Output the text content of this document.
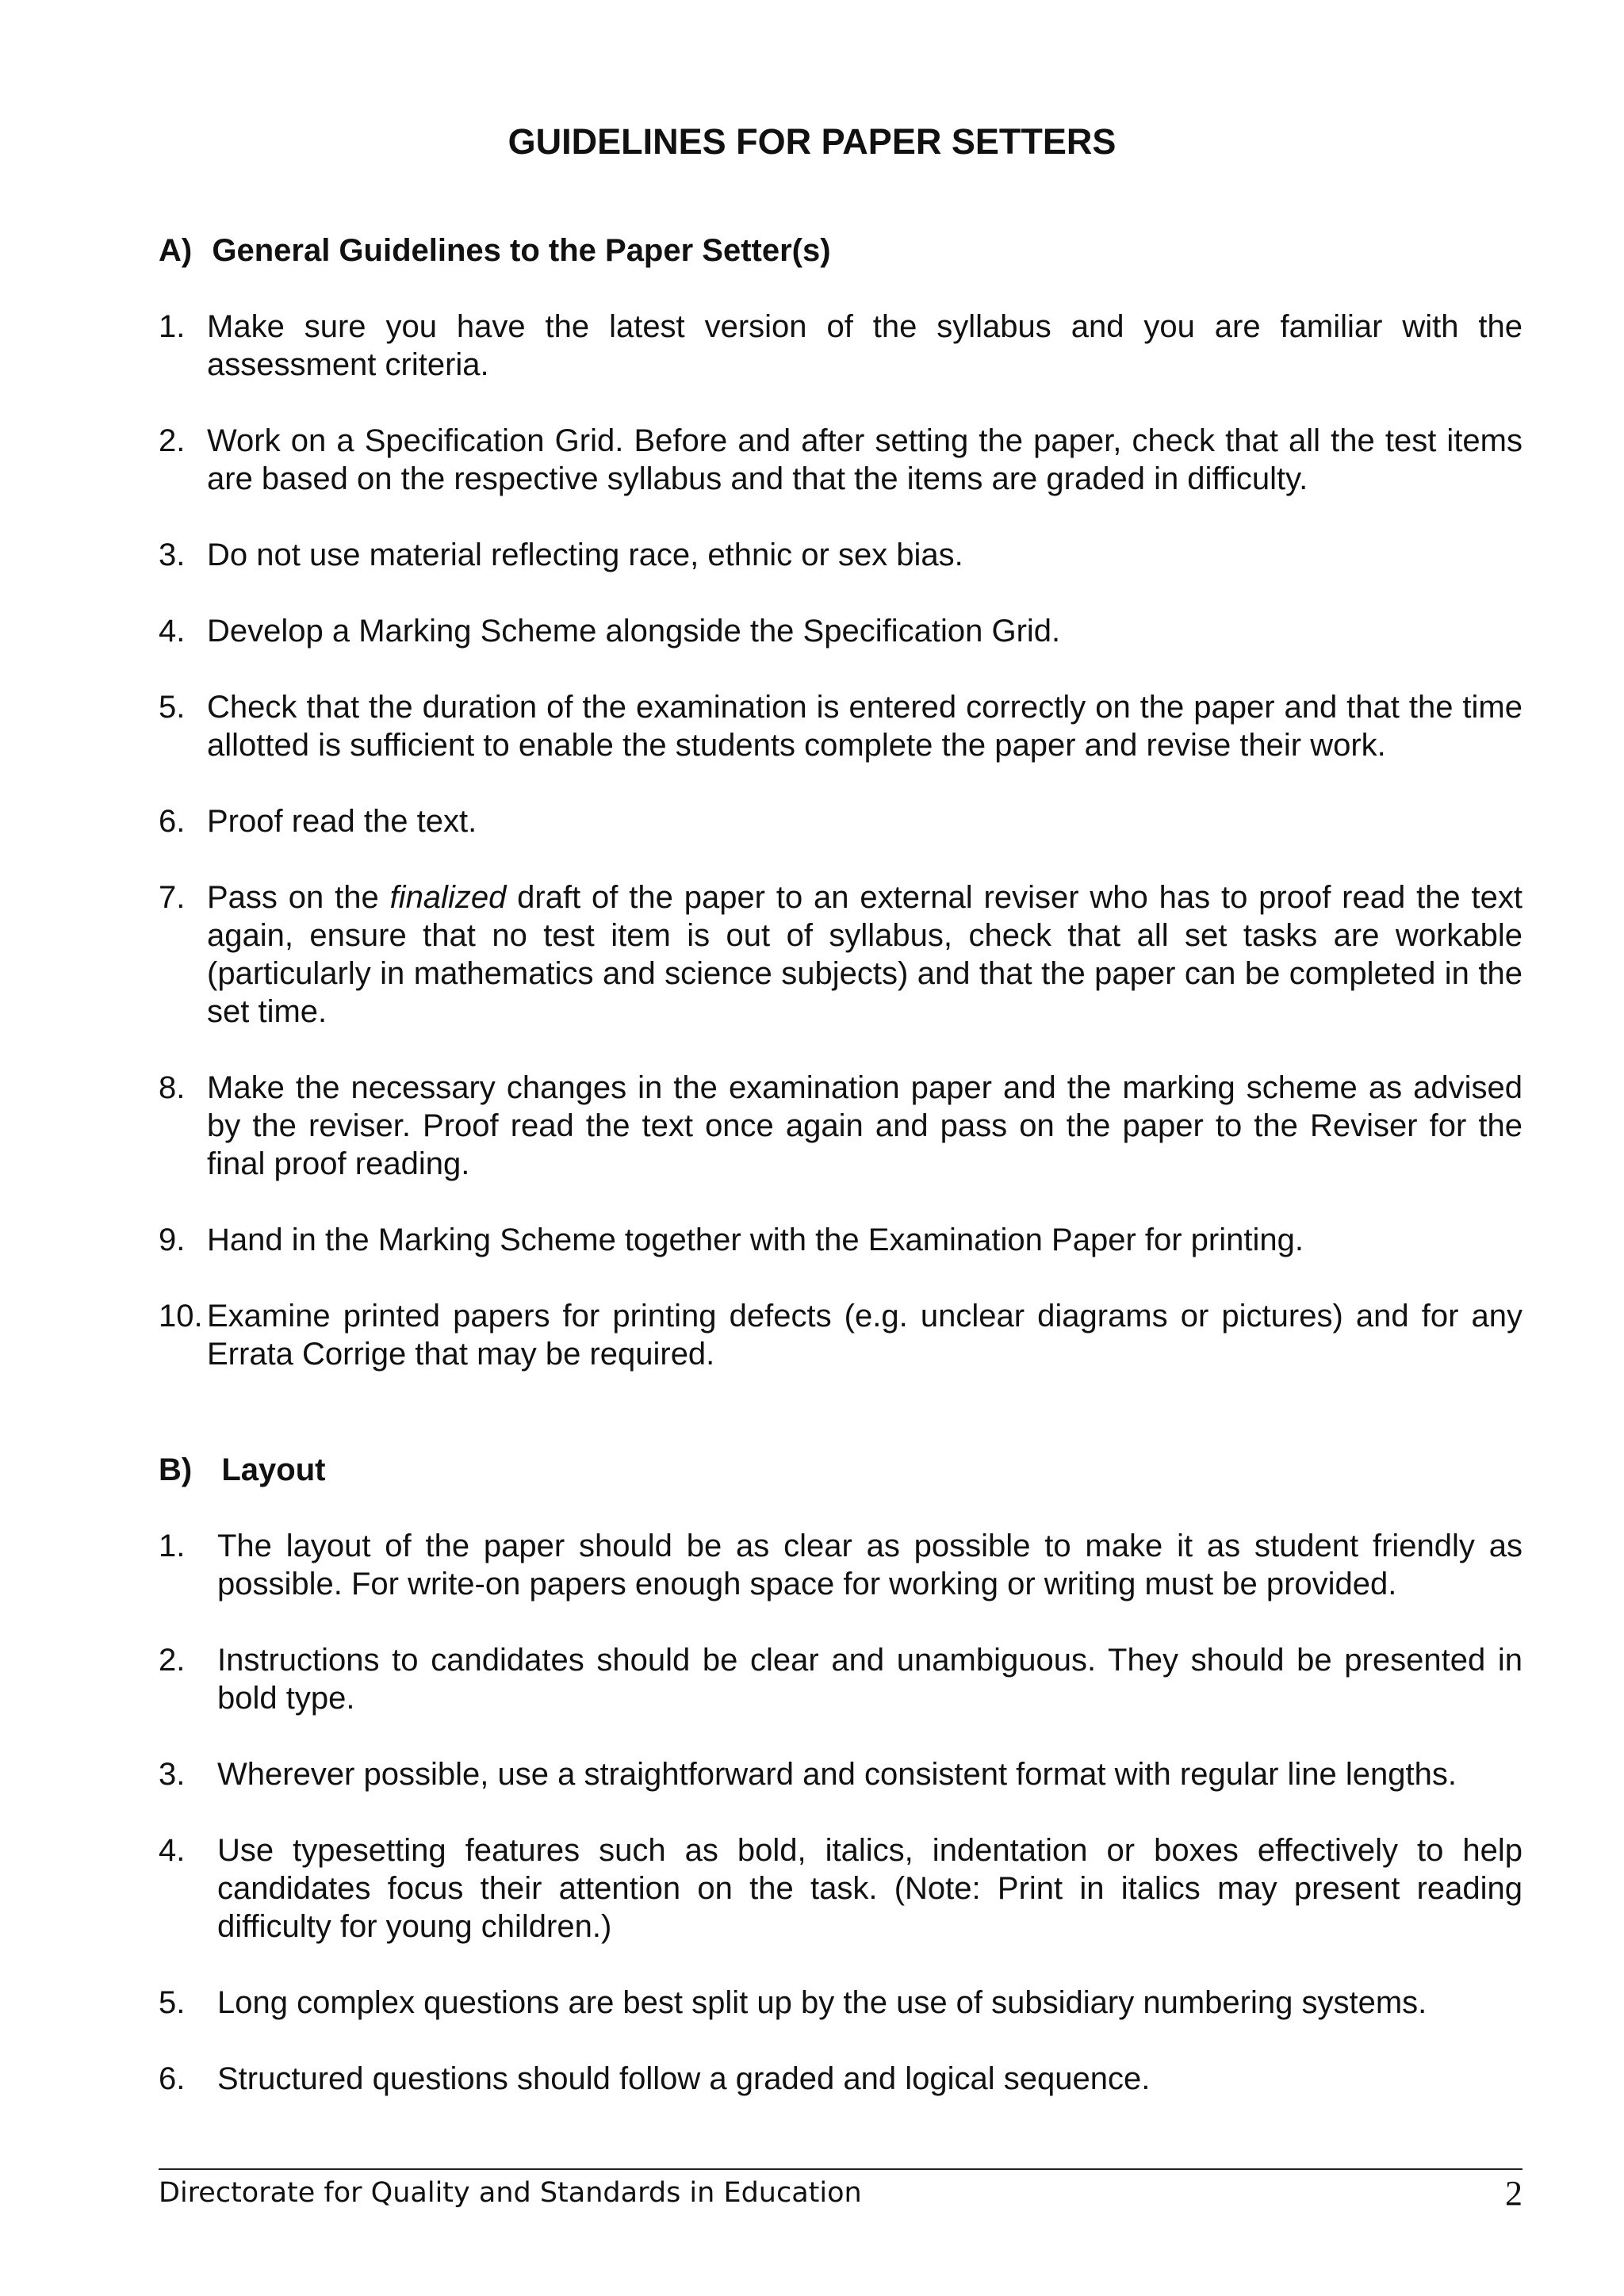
GUIDELINES FOR PAPER SETTERS
A) General Guidelines to the Paper Setter(s)
1. Make sure you have the latest version of the syllabus and you are familiar with the assessment criteria.
2. Work on a Specification Grid. Before and after setting the paper, check that all the test items are based on the respective syllabus and that the items are graded in difficulty.
3. Do not use material reflecting race, ethnic or sex bias.
4. Develop a Marking Scheme alongside the Specification Grid.
5. Check that the duration of the examination is entered correctly on the paper and that the time allotted is sufficient to enable the students complete the paper and revise their work.
6. Proof read the text.
7. Pass on the finalized draft of the paper to an external reviser who has to proof read the text again, ensure that no test item is out of syllabus, check that all set tasks are workable (particularly in mathematics and science subjects) and that the paper can be completed in the set time.
8. Make the necessary changes in the examination paper and the marking scheme as advised by the reviser. Proof read the text once again and pass on the paper to the Reviser for the final proof reading.
9. Hand in the Marking Scheme together with the Examination Paper for printing.
10. Examine printed papers for printing defects (e.g. unclear diagrams or pictures) and for any Errata Corrige that may be required.
B) Layout
1. The layout of the paper should be as clear as possible to make it as student friendly as possible. For write-on papers enough space for working or writing must be provided.
2. Instructions to candidates should be clear and unambiguous. They should be presented in bold type.
3. Wherever possible, use a straightforward and consistent format with regular line lengths.
4. Use typesetting features such as bold, italics, indentation or boxes effectively to help candidates focus their attention on the task. (Note: Print in italics may present reading difficulty for young children.)
5. Long complex questions are best split up by the use of subsidiary numbering systems.
6. Structured questions should follow a graded and logical sequence.
Directorate for Quality and Standards in Education	2
